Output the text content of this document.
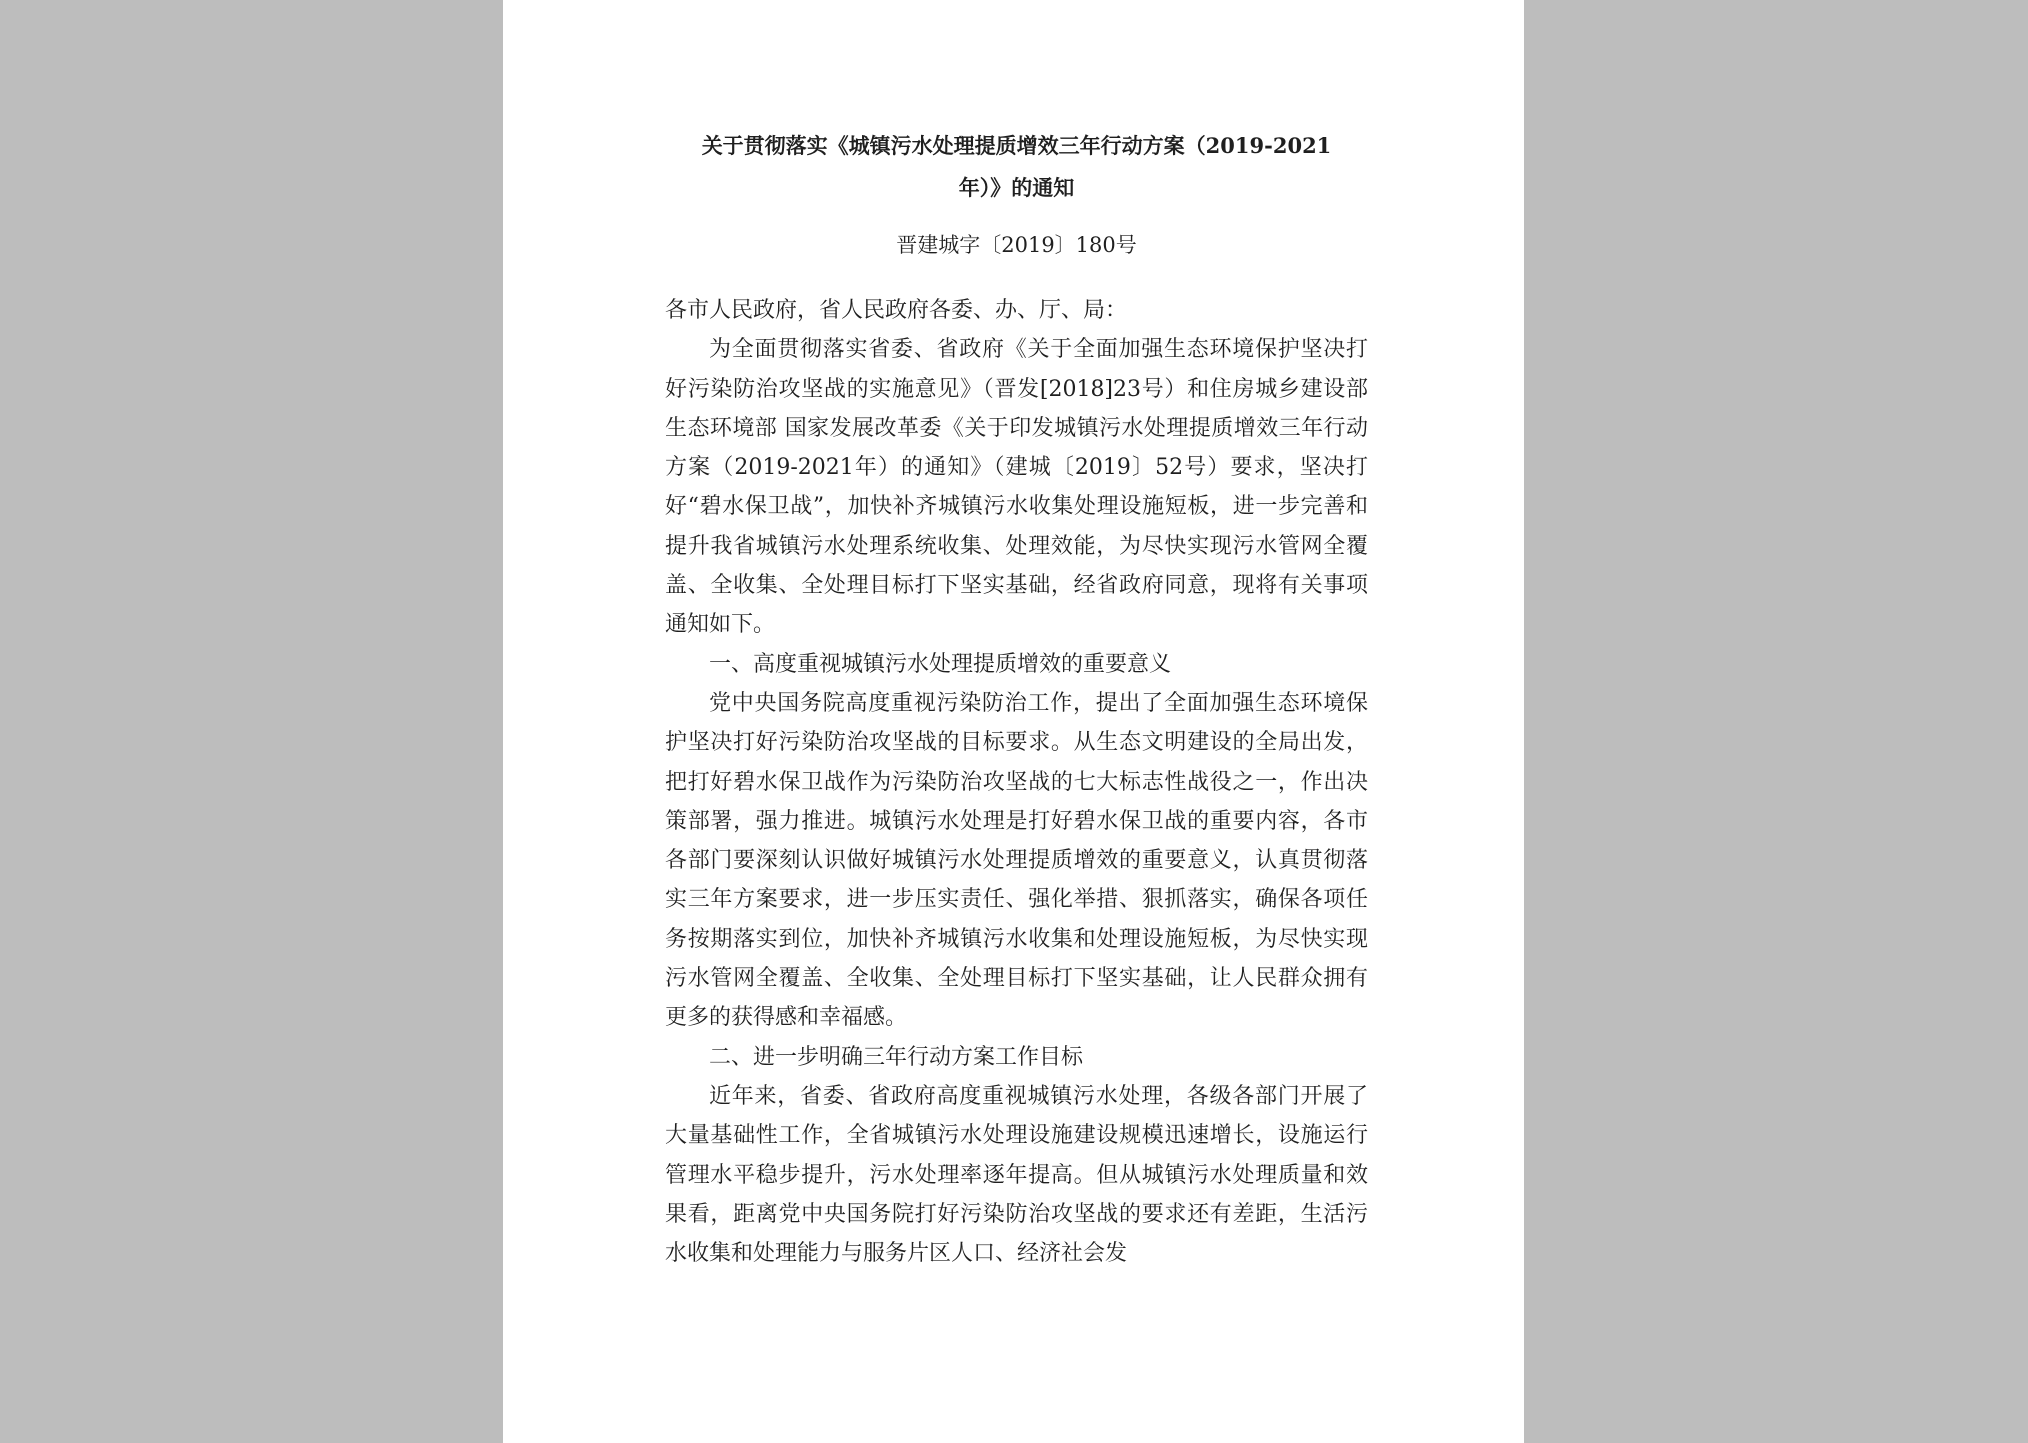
关于贯彻落实《城镇污水处理提质增效三年行动方案（2019-2021
年）》的通知
晋建城字〔2019〕180号

各市人民政府，省人民政府各委、办、厅、局：

为全面贯彻落实省委、省政府《关于全面加强生态环境保护坚决打好污染防治攻坚战的实施意见》（晋发[2018]23号）和住房城乡建设部 生态环境部 国家发展改革委《关于印发城镇污水处理提质增效三年行动方案（2019-2021年）的通知》（建城〔2019〕52号）要求，坚决打好“碧水保卫战”，加快补齐城镇污水收集处理设施短板，进一步完善和提升我省城镇污水处理系统收集、处理效能，为尽快实现污水管网全覆盖、全收集、全处理目标打下坚实基础，经省政府同意，现将有关事项通知如下。

一、高度重视城镇污水处理提质增效的重要意义

党中央国务院高度重视污染防治工作，提出了全面加强生态环境保护坚决打好污染防治攻坚战的目标要求。从生态文明建设的全局出发，把打好碧水保卫战作为污染防治攻坚战的七大标志性战役之一，作出决策部署，强力推进。城镇污水处理是打好碧水保卫战的重要内容，各市各部门要深刻认识做好城镇污水处理提质增效的重要意义，认真贯彻落实三年方案要求，进一步压实责任、强化举措、狠抓落实，确保各项任务按期落实到位，加快补齐城镇污水收集和处理设施短板，为尽快实现污水管网全覆盖、全收集、全处理目标打下坚实基础，让人民群众拥有更多的获得感和幸福感。

二、进一步明确三年行动方案工作目标

近年来，省委、省政府高度重视城镇污水处理，各级各部门开展了大量基础性工作，全省城镇污水处理设施建设规模迅速增长，设施运行管理水平稳步提升，污水处理率逐年提高。但从城镇污水处理质量和效果看，距离党中央国务院打好污染防治攻坚战的要求还有差距，生活污水收集和处理能力与服务片区人口、经济社会发
